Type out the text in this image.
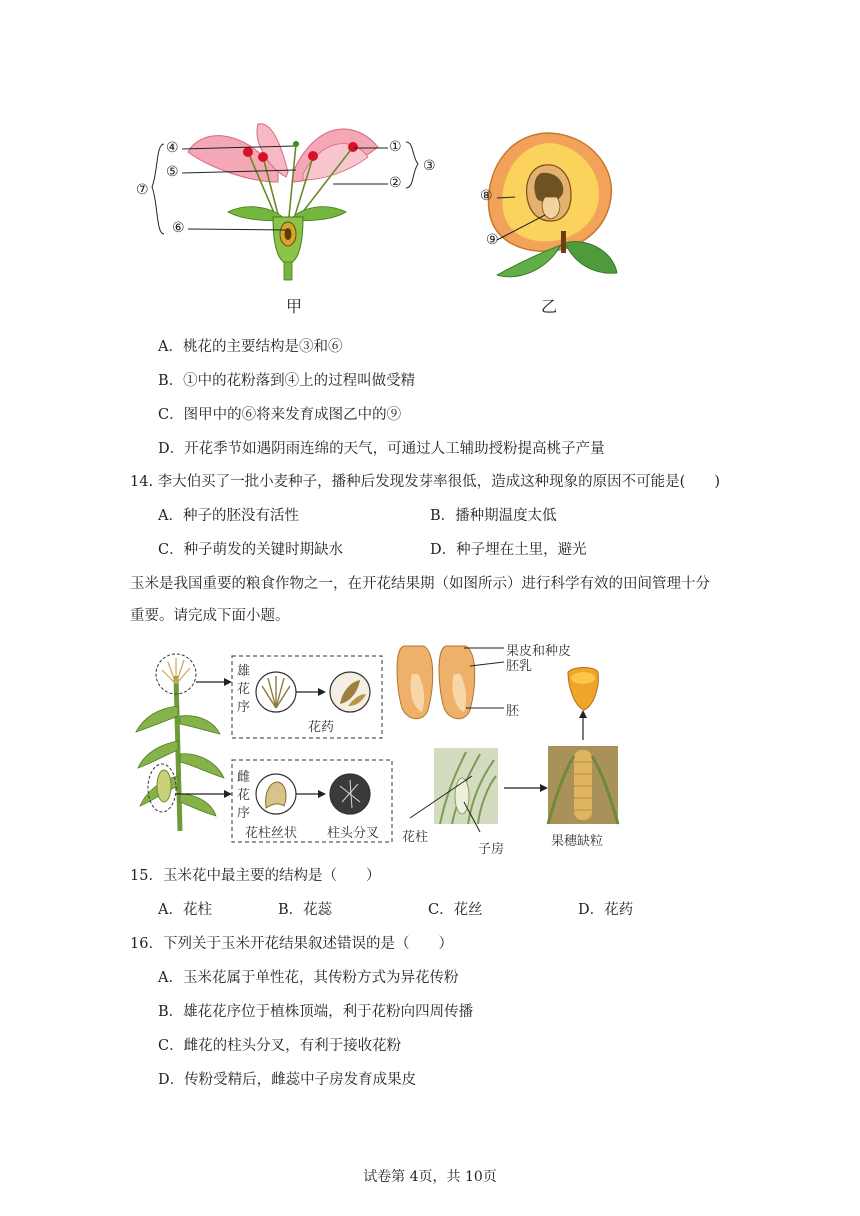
④
⑤
⑦
⑥
①
②
③
⑧
⑨
甲	乙
A．桃花的主要结构是③和⑥
B．①中的花粉落到④上的过程叫做受精
C．图甲中的⑥将来发育成图乙中的⑨
D．开花季节如遇阴雨连绵的天气，可通过人工辅助授粉提高桃子产量
14. 李大伯买了一批小麦种子，播种后发现发芽率很低，造成这种现象的原因不可能是(　　)
A．种子的胚没有活性	B．播种期温度太低
C．种子萌发的关键时期缺水	D．种子埋在土里，避光
玉米是我国重要的粮食作物之一，在开花结果期（如图所示）进行科学有效的田间管理十分
重要。请完成下面小题。
雄
花
序
花药
雌
花
序
花柱丝状 柱头分叉 花柱
子房
果穗缺粒
果皮和种皮
胚乳
胚
15．玉米花中最主要的结构是（　　）
A．花柱	B．花蕊	C．花丝	D．花药
16．下列关于玉米开花结果叙述错误的是（　　）
A．玉米花属于单性花，其传粉方式为异花传粉
B．雄花花序位于植株顶端，利于花粉向四周传播
C．雌花的柱头分叉，有利于接收花粉
D．传粉受精后，雌蕊中子房发育成果皮
试卷第 4页，共 10页
